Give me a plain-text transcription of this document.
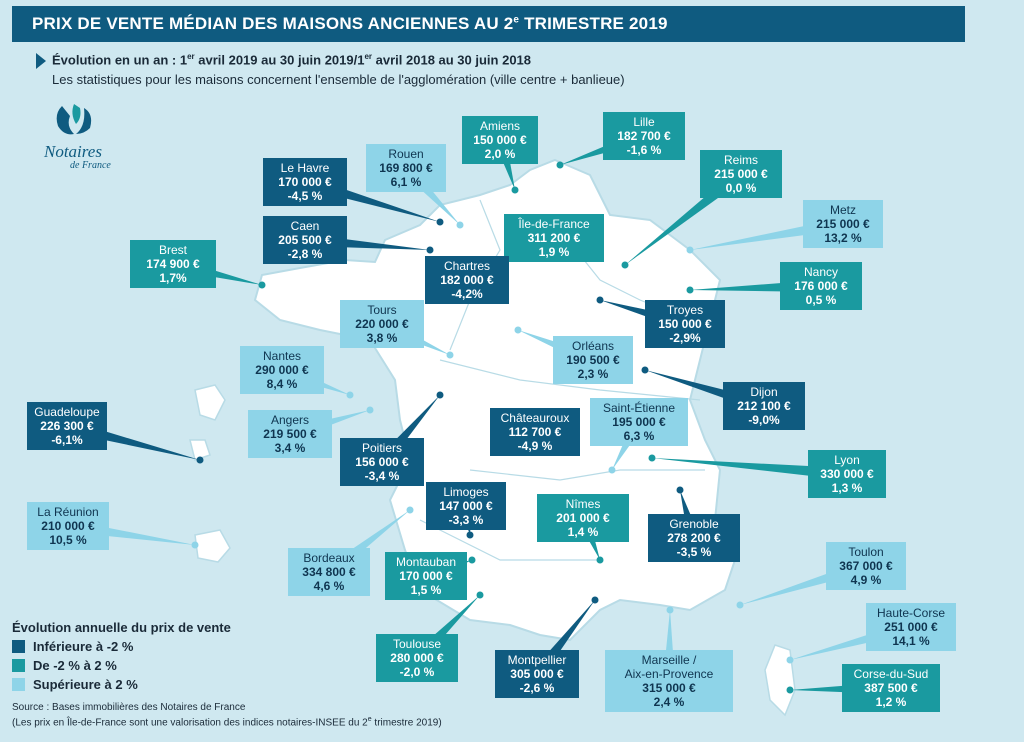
PRIX DE VENTE MÉDIAN DES MAISONS ANCIENNES AU 2e TRIMESTRE 2019
Évolution en un an : 1er avril 2019 au 30 juin 2019/1er avril 2018 au 30 juin 2018
Les statistiques pour les maisons concernent l'ensemble de l'agglomération (ville centre + banlieue)
Notaires
de France
Amiens
150 000 €
2,0 %
Lille
182 700 €
-1,6 %
Rouen
169 800 €
6,1 %
Le Havre
170 000 €
-4,5 %
Reims
215 000 €
0,0 %
Metz
215 000 €
13,2 %
Caen
205 500 €
-2,8 %
Île-de-France
311 200 €
1,9 %
Brest
174 900 €
1,7%
Chartres
182 000 €
-4,2%
Nancy
176 000 €
0,5 %
Tours
220 000 €
3,8 %
Troyes
150 000 €
-2,9%
Orléans
190 500 €
2,3 %
Nantes
290 000 €
8,4 %
Dijon
212 100 €
-9,0%
Guadeloupe
226 300 €
-6,1%
Saint-Étienne
195 000 €
6,3 %
Châteauroux
112 700 €
-4,9 %
Angers
219 500 €
3,4 %	Poitiers
156 000 €
-3,4 %
Lyon
330 000 €
1,3 %
Limoges
147 000 €
-3,3 %
Nîmes
201 000 €
1,4 %
La Réunion
210 000 €
10,5 %
Grenoble
278 200 €
-3,5 %
Bordeaux
334 800 €
4,6 %
Montauban
170 000 €
1,5 %
Toulon
367 000 €
4,9 %
Haute-Corse
251 000 €
14,1 %
Toulouse
280 000 €
-2,0 %
Montpellier
305 000 €
-2,6 %
Marseille /
Aix-en-Provence
315 000 €
2,4 %
Corse-du-Sud
387 500 €
1,2 %
Évolution annuelle du prix de vente
Inférieure à -2 %
De -2 % à 2 %
Supérieure à 2 %
Source : Bases immobilières des Notaires de France
(Les prix en Île-de-France sont une valorisation des indices notaires-INSEE du 2e trimestre 2019)
